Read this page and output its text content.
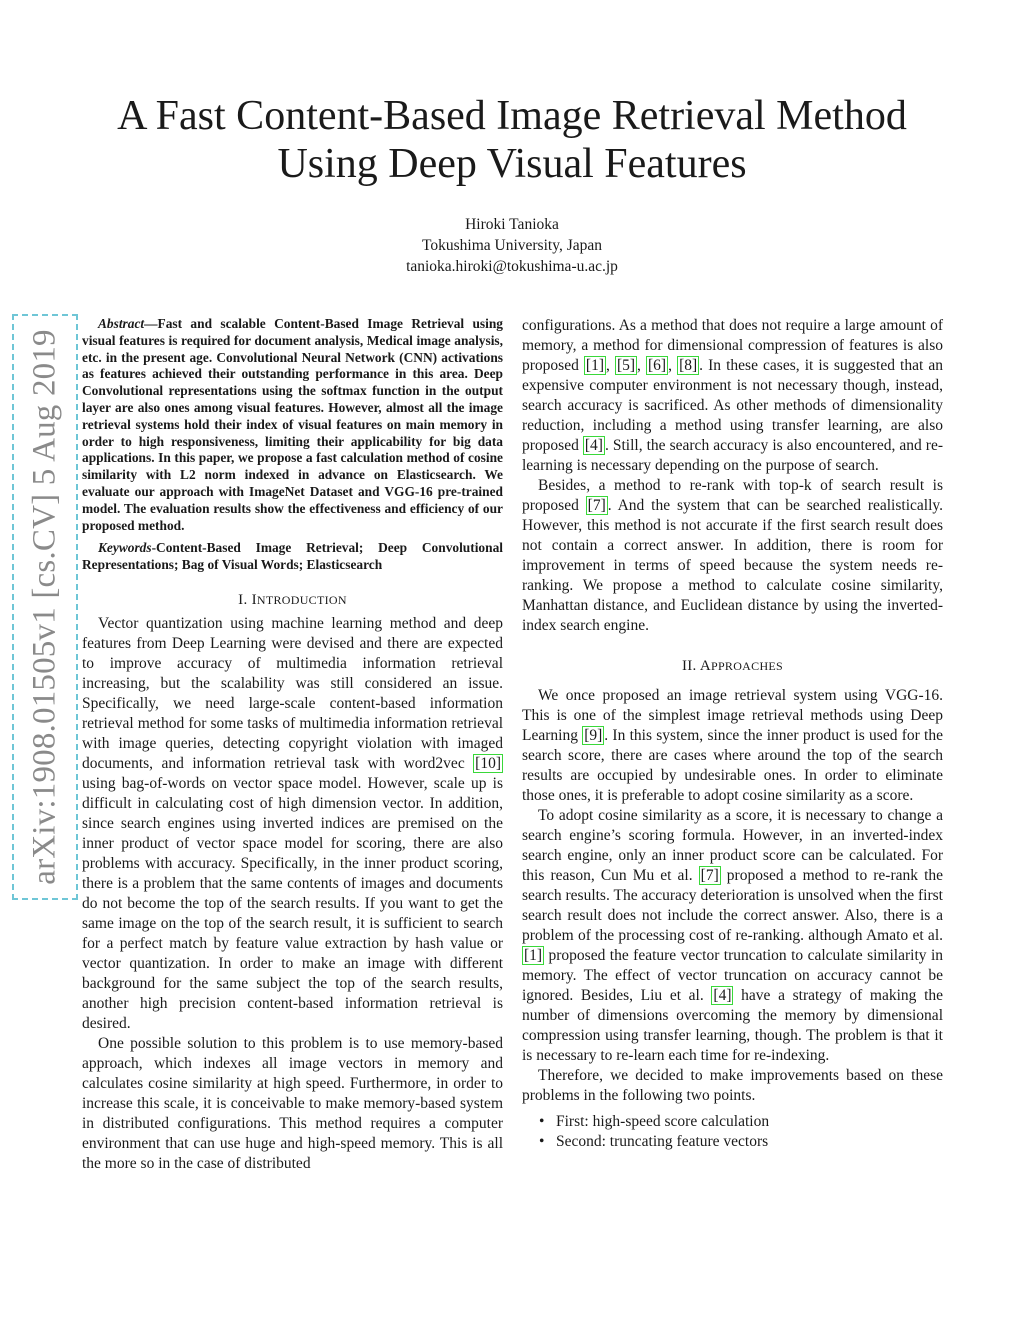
arXiv:1908.01505v1 [cs.CV] 5 Aug 2019
A Fast Content-Based Image Retrieval Method
Using Deep Visual Features
Hiroki Tanioka
Tokushima University, Japan
tanioka.hiroki@tokushima-u.ac.jp

Abstract—Fast and scalable Content-Based Image Retrieval using visual features is required for document analysis, Medical image analysis, etc. in the present age. Convolutional Neural Network (CNN) activations as features achieved their outstanding performance in this area. Deep Convolutional representations using the softmax function in the output layer are also ones among visual features. However, almost all the image retrieval systems hold their index of visual features on main memory in order to high responsiveness, limiting their applicability for big data applications. In this paper, we propose a fast calculation method of cosine similarity with L2 norm indexed in advance on Elasticsearch. We evaluate our approach with ImageNet Dataset and VGG-16 pre-trained model. The evaluation results show the effectiveness and efficiency of our proposed method.

Keywords-Content-Based Image Retrieval; Deep Convolutional Representations; Bag of Visual Words; Elasticsearch

I. INTRODUCTION

Vector quantization using machine learning method and deep features from Deep Learning were devised and there are expected to improve accuracy of multimedia information retrieval increasing, but the scalability was still considered an issue. Specifically, we need large-scale content-based information retrieval method for some tasks of multimedia information retrieval with image queries, detecting copyright violation with imaged documents, and information retrieval task with word2vec [10] using bag-of-words on vector space model. However, scale up is difficult in calculating cost of high dimension vector. In addition, since search engines using inverted indices are premised on the inner product of vector space model for scoring, there are also problems with accuracy. Specifically, in the inner product scoring, there is a problem that the same contents of images and documents do not become the top of the search results. If you want to get the same image on the top of the search result, it is sufficient to search for a perfect match by feature value extraction by hash value or vector quantization. In order to make an image with different background for the same subject the top of the search results, another high precision content-based information retrieval is desired.

One possible solution to this problem is to use memory-based approach, which indexes all image vectors in memory and calculates cosine similarity at high speed. Furthermore, in order to increase this scale, it is conceivable to make memory-based system in distributed configurations. This method requires a computer environment that can use huge and high-speed memory. This is all the more so in the case of distributed

configurations. As a method that does not require a large amount of memory, a method for dimensional compression of features is also proposed [1] , [5] , [6] , [8] . In these cases, it is suggested that an expensive computer environment is not necessary though, instead, search accuracy is sacrificed. As other methods of dimensionality reduction, including a method using transfer learning, are also proposed [4] . Still, the search accuracy is also encountered, and re-learning is necessary depending on the purpose of search.

Besides, a method to re-rank with top-k of search result is proposed [7] . And the system that can be searched realistically. However, this method is not accurate if the first search result does not contain a correct answer. In addition, there is room for improvement in terms of speed because the system needs re-ranking. We propose a method to calculate cosine similarity, Manhattan distance, and Euclidean distance by using the inverted-index search engine.

II. APPROACHES

We once proposed an image retrieval system using VGG-16. This is one of the simplest image retrieval methods using Deep Learning [9] . In this system, since the inner product is used for the search score, there are cases where around the top of the search results are occupied by undesirable ones. In order to eliminate those ones, it is preferable to adopt cosine similarity as a score.

To adopt cosine similarity as a score, it is necessary to change a search engine’s scoring formula. However, in an inverted-index search engine, only an inner product score can be calculated. For this reason, Cun Mu et al. [7] proposed a method to re-rank the search results. The accuracy deterioration is unsolved when the first search result does not include the correct answer. Also, there is a problem of the processing cost of re-ranking. although Amato et al. [1] proposed the feature vector truncation to calculate similarity in memory. The effect of vector truncation on accuracy cannot be ignored. Besides, Liu et al. [4] have a strategy of making the number of dimensions overcoming the memory by dimensional compression using transfer learning, though. The problem is that it is necessary to re-learn each time for re-indexing.

Therefore, we decided to make improvements based on these problems in the following two points.

• First: high-speed score calculation
• Second: truncating feature vectors
